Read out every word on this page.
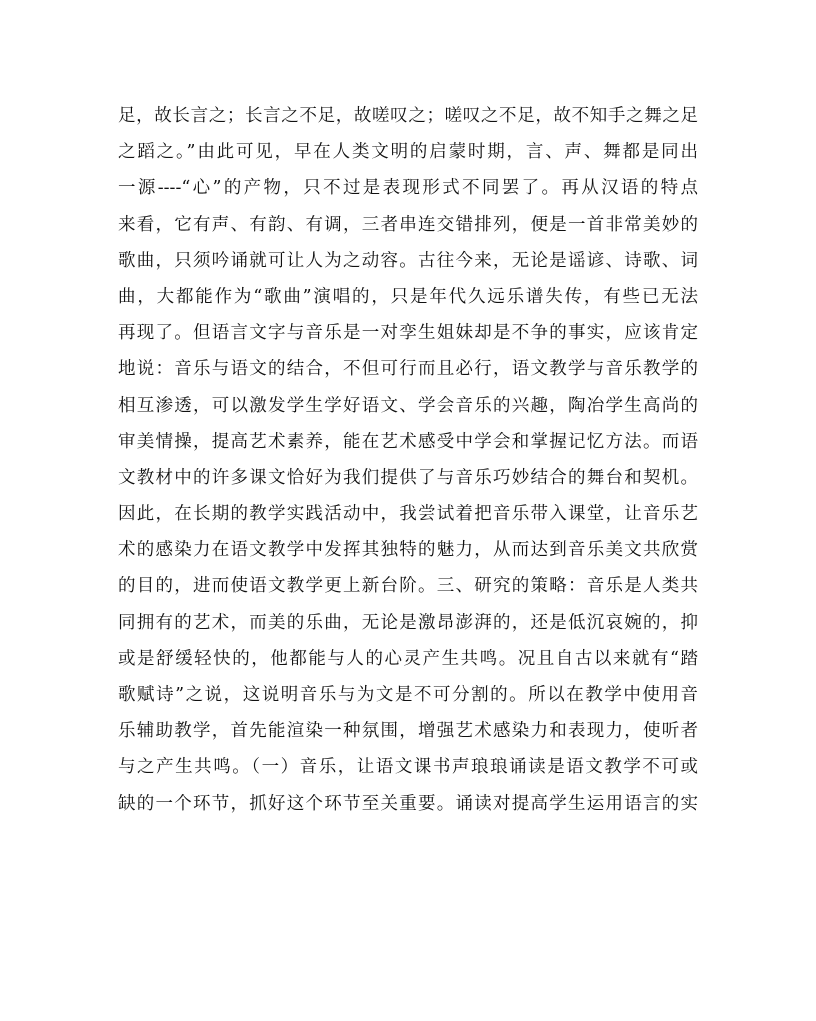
足，故长言之；长言之不足，故嗟叹之；嗟叹之不足，故不知手之舞之足
之蹈之。”由此可见，早在人类文明的启蒙时期，言、声、舞都是同出
一源----“心”的产物，只不过是表现形式不同罢了。再从汉语的特点
来看，它有声、有韵、有调，三者串连交错排列，便是一首非常美妙的
歌曲，只须吟诵就可让人为之动容。古往今来，无论是谣谚、诗歌、词
曲，大都能作为“歌曲”演唱的，只是年代久远乐谱失传，有些已无法
再现了。但语言文字与音乐是一对孪生姐妹却是不争的事实，应该肯定
地说：音乐与语文的结合，不但可行而且必行，语文教学与音乐教学的
相互渗透，可以激发学生学好语文、学会音乐的兴趣，陶冶学生高尚的
审美情操，提高艺术素养，能在艺术感受中学会和掌握记忆方法。而语
文教材中的许多课文恰好为我们提供了与音乐巧妙结合的舞台和契机。
因此，在长期的教学实践活动中，我尝试着把音乐带入课堂，让音乐艺
术的感染力在语文教学中发挥其独特的魅力，从而达到音乐美文共欣赏
的目的，进而使语文教学更上新台阶。三、研究的策略：音乐是人类共
同拥有的艺术，而美的乐曲，无论是激昂澎湃的，还是低沉哀婉的，抑
或是舒缓轻快的，他都能与人的心灵产生共鸣。况且自古以来就有“踏
歌赋诗”之说，这说明音乐与为文是不可分割的。所以在教学中使用音
乐辅助教学，首先能渲染一种氛围，增强艺术感染力和表现力，使听者
与之产生共鸣。（一）音乐，让语文课书声琅琅诵读是语文教学不可或
缺的一个环节，抓好这个环节至关重要。诵读对提高学生运用语言的实
